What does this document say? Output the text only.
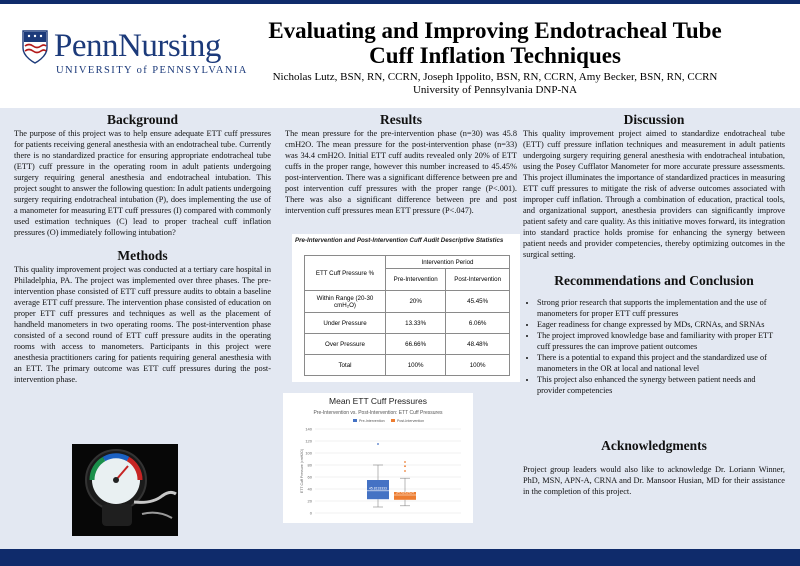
PennNursing
UNIVERSITY of PENNSYLVANIA
Evaluating and Improving Endotracheal Tube Cuff Inflation Techniques
Nicholas Lutz, BSN, RN, CCRN, Joseph Ippolito, BSN, RN, CCRN, Amy Becker, BSN, RN, CCRN
University of Pennsylvania DNP-NA
Background

The purpose of this project was to help ensure adequate ETT cuff pressures for patients receiving general anesthesia with an endotracheal tube. Currently there is no standardized practice for ensuring appropriate endotracheal tube (ETT) cuff pressure in the operating room in adult patients undergoing surgery requiring general anesthesia and endotracheal intubation. This project sought to answer the following question: In adult patients undergoing surgery requiring endotracheal intubation (P), does implementing the use of a manometer for measuring ETT cuff pressures (I) compared with commonly used estimation techniques (C) lead to proper tracheal cuff inflation pressures (O) immediately following intubation?

Methods

This quality improvement project was conducted at a tertiary care hospital in Philadelphia, PA. The project was implemented over three phases. The pre-intervention phase consisted of ETT cuff pressure audits to obtain a baseline average ETT cuff pressure. The intervention phase consisted of education on proper ETT cuff pressures and techniques as well as the placement of handheld manometers in two operating rooms. The post-intervention phase consisted of a second round of ETT cuff pressure audits in the operating rooms with access to manometers. Participants in this project were anesthesia practitioners caring for patients requiring general anesthesia with an ETT. The primary outcome was ETT cuff pressures during the post-intervention phase.

Results

The mean pressure for the pre-intervention phase (n=30) was 45.8 cmH2O. The mean pressure for the post-intervention phase (n=33) was 34.4 cmH2O. Initial ETT cuff audits revealed only 20% of ETT cuffs in the proper range, however this number increased to 45.45% post-intervention. There was a significant difference between pre and post intervention cuff pressures with the proper range (P<.001). There was also a significant difference between pre and post intervention cuff pressures mean ETT pressure (P<.047).

Pre-Intervention and Post-Intervention Cuff Audit Descriptive Statistics
ETT Cuff Pressure %	Intervention Period	
	Pre-Intervention	Post-Intervention
Within Range (20-30 cmH₂O)	20%	45.45%
Under Pressure	13.33%	6.06%
Over Pressure	66.66%	48.48%
Total	100%	100%
Mean ETT Cuff Pressures
Pre-Intervention vs. Post-Intervention: ETT Cuff Pressures
0
20
40
60
80
100
120
140
ETT Cuff Pressure (cmH2O)
Pre-Intervention	Post-Intervention
45.8133333
34.4242424
Discussion

This quality improvement project aimed to standardize endotracheal tube (ETT) cuff pressure inflation techniques and measurement in adult patients undergoing surgery requiring general anesthesia with endotracheal intubation, using the Posey Cufflator Manometer for more accurate pressure assessments. This project illuminates the importance of standardized practices in measuring ETT cuff pressures to mitigate the risk of adverse outcomes associated with improper cuff inflation. Through a combination of education, practical tools, and organizational support, anesthesia providers can significantly improve patient safety and care quality. As this initiative moves forward, its integration into standard practice holds promise for enhancing the synergy between patient needs and provider competencies, thereby optimizing outcomes in the surgical setting.

Recommendations and Conclusion
• Strong prior research that supports the implementation and the use of manometers for proper ETT cuff pressures
• Eager readiness for change expressed by MDs, CRNAs, and SRNAs
• The project improved knowledge base and familiarity with proper ETT cuff pressures the can improve patient outcomes
• There is a potential to expand this project and the standardized use of manometers in the OR at local and national level
• This project also enhanced the synergy between patient needs and provider competencies
Acknowledgments

Project group leaders would also like to acknowledge Dr. Loriann Winner, PhD, MSN, APN-A, CRNA and Dr. Mansoor Husian, MD for their assistance in the completion of this project.
